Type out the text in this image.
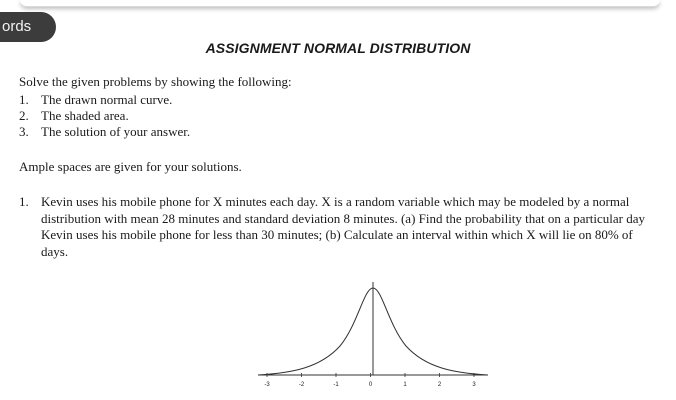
ords
ASSIGNMENT NORMAL DISTRIBUTION
Solve the given problems by showing the following:
1. The drawn normal curve.
2. The shaded area.
3. The solution of your answer.
Ample spaces are given for your solutions.
1. Kevin uses his mobile phone for X minutes each day. X is a random variable which may be modeled by a normal distribution with mean 28 minutes and standard deviation 8 minutes. (a) Find the probability that on a particular day Kevin uses his mobile phone for less than 30 minutes; (b) Calculate an interval within which X will lie on 80% of days.
-3	-2	-1	0	1	2	3
